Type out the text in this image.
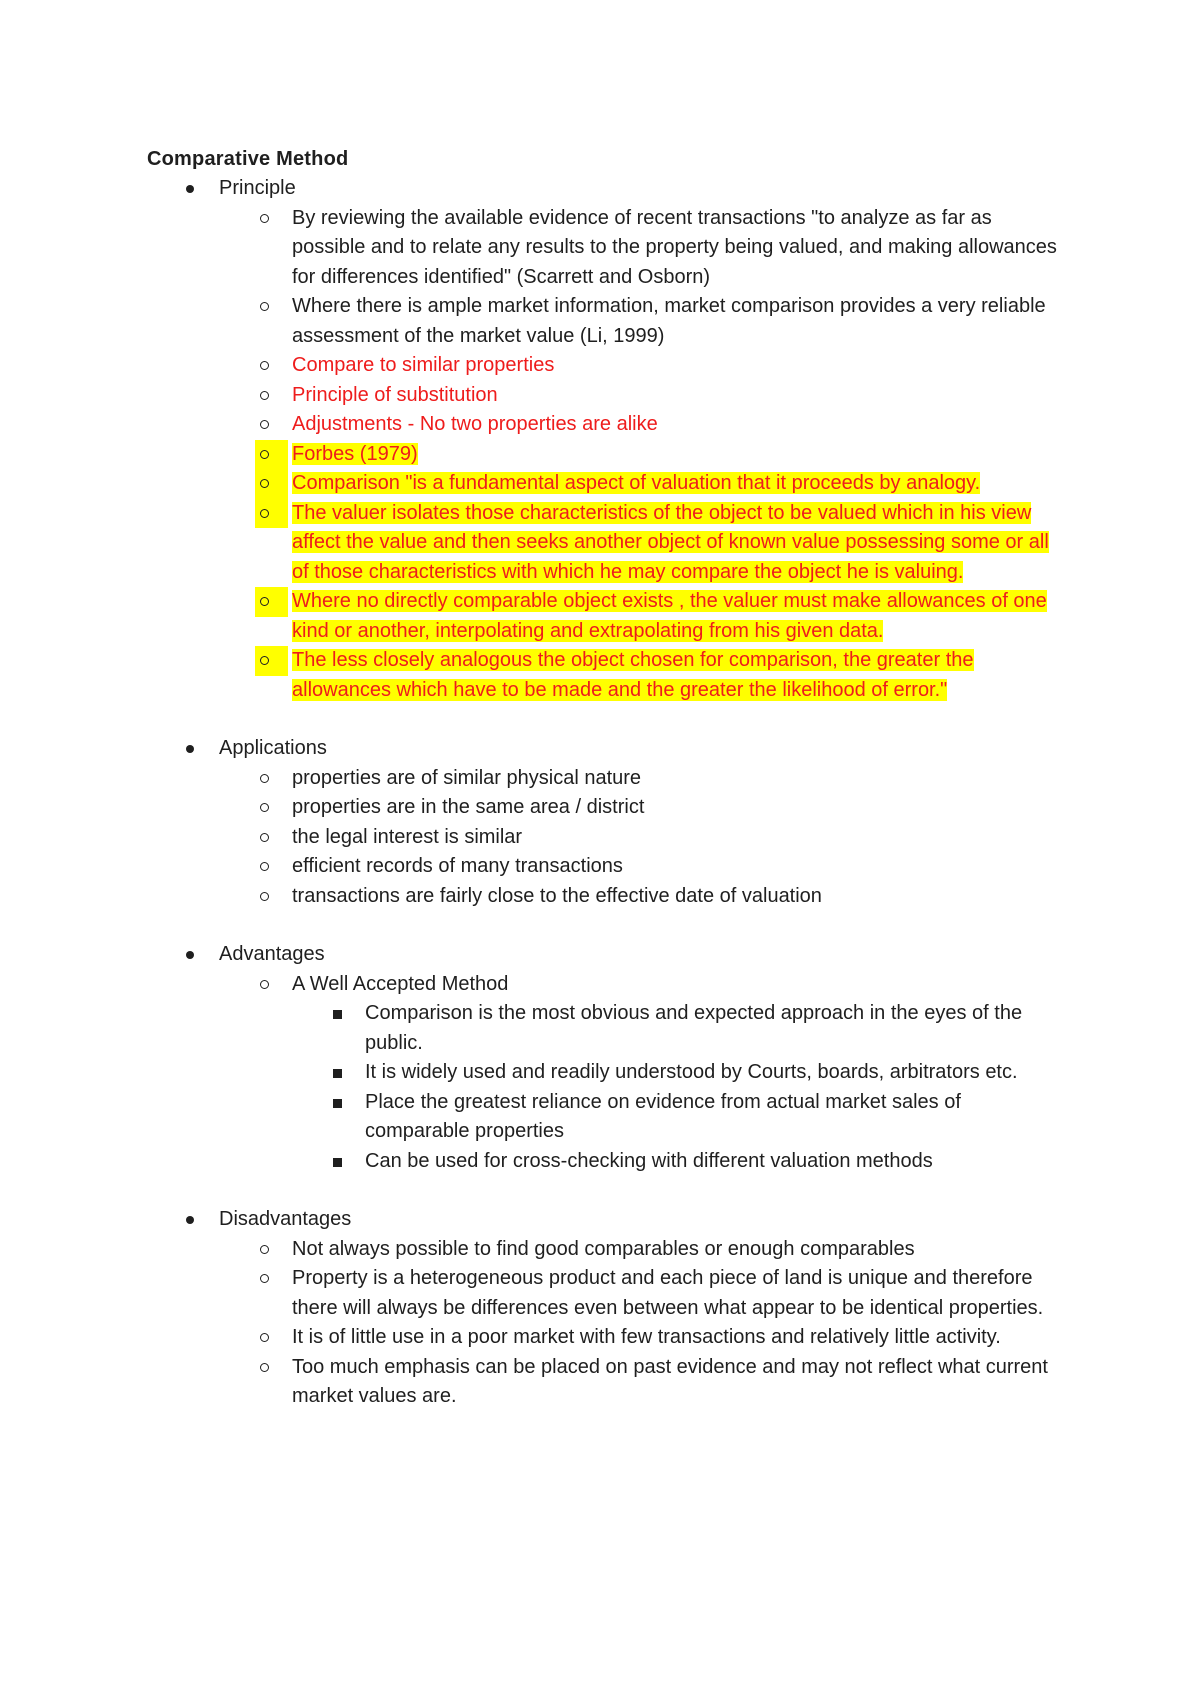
Comparative Method
Principle
By reviewing the available evidence of recent transactions "to analyze as far as possible and to relate any results to the property being valued, and making allowances for differences identified" (Scarrett and Osborn)
Where there is ample market information, market comparison provides a very reliable assessment of the market value (Li, 1999)
Compare to similar properties
Principle of substitution
Adjustments - No two properties are alike
Forbes (1979)
Comparison "is a fundamental aspect of valuation that it proceeds by analogy.
The valuer isolates those characteristics of the object to be valued which in his view affect the value and then seeks another object of known value possessing some or all of those characteristics with which he may compare the object he is valuing.
Where no directly comparable object exists , the valuer must make allowances of one kind or another, interpolating and extrapolating from his given data.
The less closely analogous the object chosen for comparison, the greater the allowances which have to be made and the greater the likelihood of error."
Applications
properties are of similar physical nature
properties are in the same area / district
the legal interest is similar
efficient records of many transactions
transactions are fairly close to the effective date of valuation
Advantages
A Well Accepted Method
Comparison is the most obvious and expected approach in the eyes of the public.
It is widely used and readily understood by Courts, boards, arbitrators etc.
Place the greatest reliance on evidence from actual market sales of comparable properties
Can be used for cross-checking with different valuation methods
Disadvantages
Not always possible to find good comparables or enough comparables
Property is a heterogeneous product and each piece of land is unique and therefore there will always be differences even between what appear to be identical properties.
It is of little use in a poor market with few transactions and relatively little activity.
Too much emphasis can be placed on past evidence and may not reflect what current market values are.
